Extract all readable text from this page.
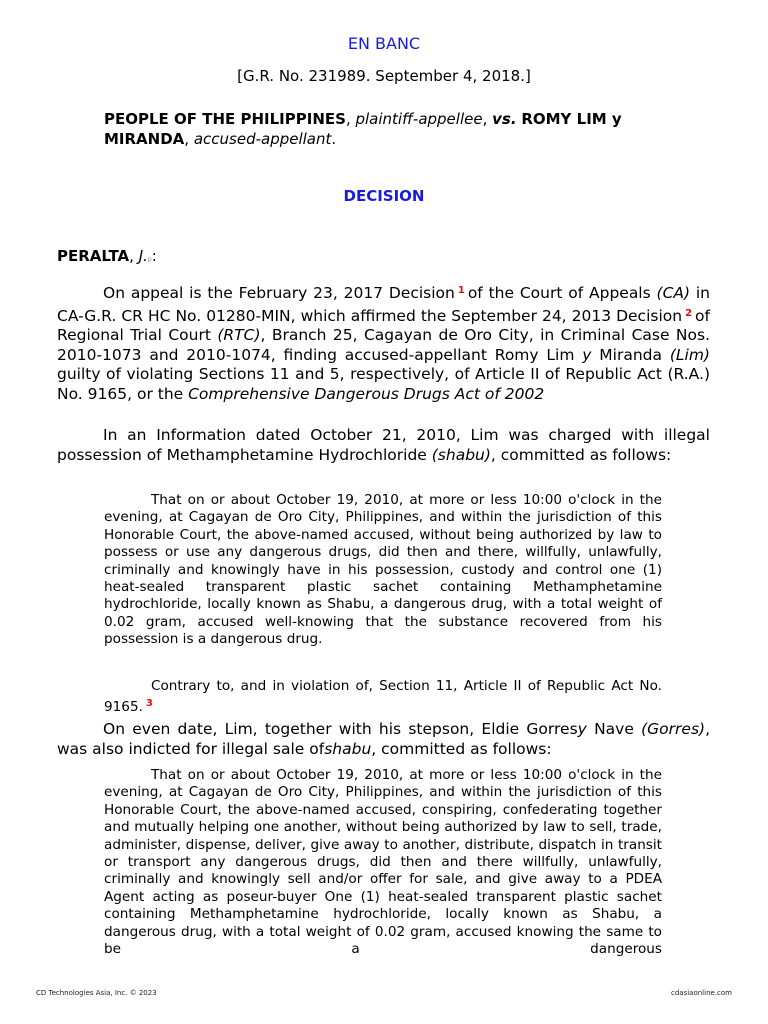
EN BANC
[G.R. No. 231989. September 4, 2018.]
PEOPLE OF THE PHILIPPINES, plaintiff-appellee, vs. ROMY LIM y MIRANDA, accused-appellant.
DECISION
PERALTA, J.p:

On appeal is the February 23, 2017 Decision $^1$ of the Court of Appeals (CA) in CA-G.R. CR HC No. 01280-MIN, which affirmed the September 24, 2013 Decision $^2$ of Regional Trial Court (RTC), Branch 25, Cagayan de Oro City, in Criminal Case Nos. 2010-1073 and 2010-1074, finding accused-appellant Romy Lim y Miranda (Lim) guilty of violating Sections 11 and 5, respectively, of Article II of Republic Act (R.A.) No. 9165, or the Comprehensive Dangerous Drugs Act of 2002

In an Information dated October 21, 2010, Lim was charged with illegal possession of Methamphetamine Hydrochloride (shabu), committed as follows:

That on or about October 19, 2010, at more or less 10:00 o'clock in the evening, at Cagayan de Oro City, Philippines, and within the jurisdiction of this Honorable Court, the above-named accused, without being authorized by law to possess or use any dangerous drugs, did then and there, willfully, unlawfully, criminally and knowingly have in his possession, custody and control one (1) heat-sealed transparent plastic sachet containing Methamphetamine hydrochloride, locally known as Shabu, a dangerous drug, with a total weight of 0.02 gram, accused well-knowing that the substance recovered from his possession is a dangerous drug.

Contrary to, and in violation of, Section 11, Article II of Republic Act No. 9165. $^3$

On even date, Lim, together with his stepson, Eldie Gorresy Nave (Gorres), was also indicted for illegal sale ofshabu, committed as follows:

That on or about October 19, 2010, at more or less 10:00 o'clock in the evening, at Cagayan de Oro City, Philippines, and within the jurisdiction of this Honorable Court, the above-named accused, conspiring, confederating together and mutually helping one another, without being authorized by law to sell, trade, administer, dispense, deliver, give away to another, distribute, dispatch in transit or transport any dangerous drugs, did then and there willfully, unlawfully, criminally and knowingly sell and/or offer for sale, and give away to a PDEA Agent acting as poseur-buyer One (1) heat-sealed transparent plastic sachet containing Methamphetamine hydrochloride, locally known as Shabu, a dangerous drug, with a total weight of 0.02 gram, accused knowing the same to be a dangerous

CD Technologies Asia, Inc. © 2023	cdasiaonline.com
